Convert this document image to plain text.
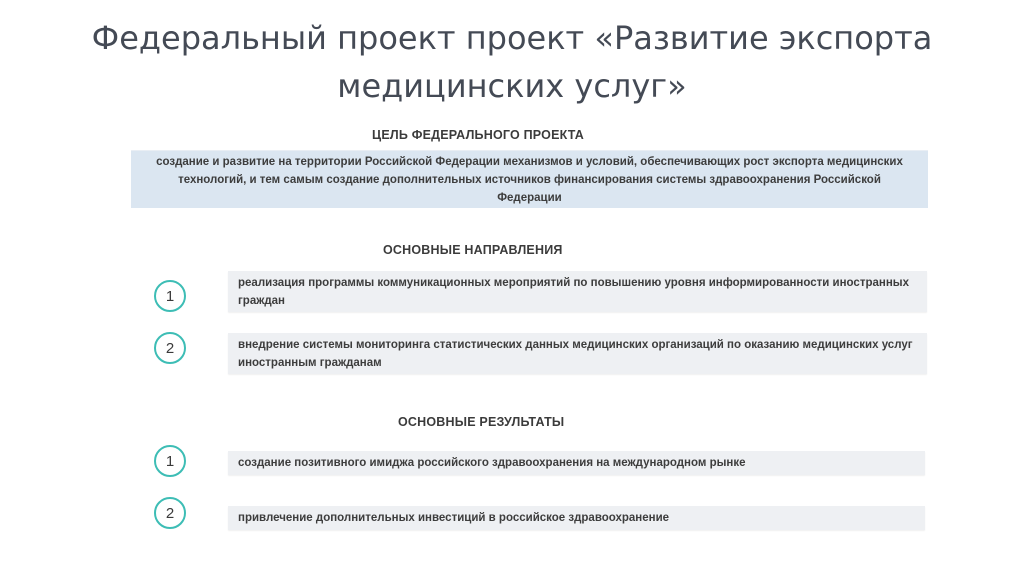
Федеральный проект проект «Развитие экспорта медицинских услуг»
ЦЕЛЬ ФЕДЕРАЛЬНОГО ПРОЕКТА
создание и развитие на территории Российской Федерации механизмов и условий, обеспечивающих рост экспорта медицинских технологий, и тем самым создание дополнительных источников финансирования системы здравоохранения Российской Федерации
ОСНОВНЫЕ НАПРАВЛЕНИЯ
1
реализация программы коммуникационных мероприятий по повышению уровня информированности иностранных граждан
2	внедрение системы мониторинга статистических данных медицинских организаций по оказанию медицинских услуг иностранным гражданам
ОСНОВНЫЕ РЕЗУЛЬТАТЫ
1	создание позитивного имиджа российского здравоохранения на международном рынке
2	привлечение дополнительных инвестиций в российское здравоохранение
